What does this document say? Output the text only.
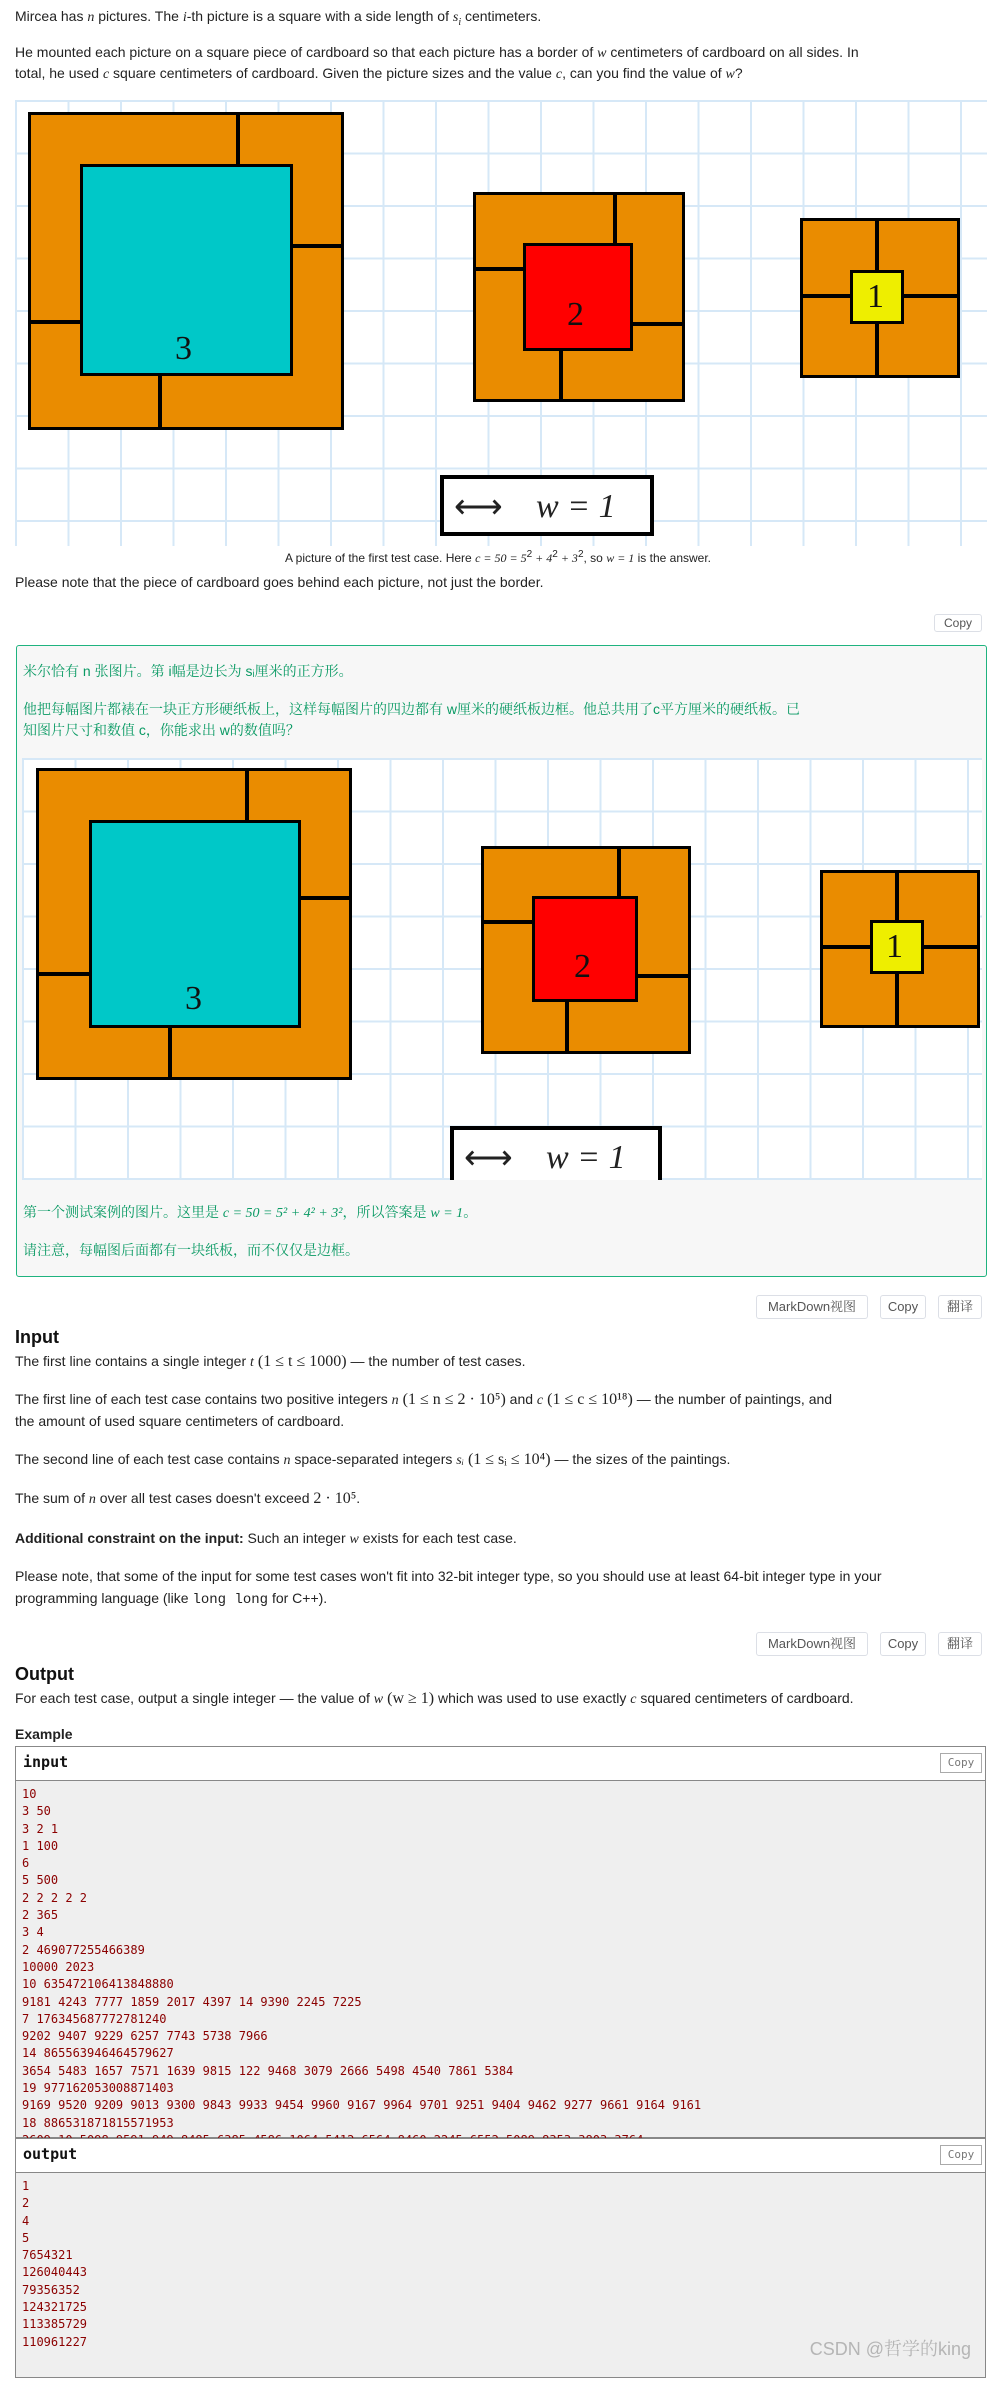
Mircea has n pictures. The i-th picture is a square with a side length of $s_i$ centimeters.
He mounted each picture on a square piece of cardboard so that each picture has a border of w centimeters of cardboard on all sides. In
total, he used c square centimeters of cardboard. Given the picture sizes and the value c, can you find the value of w?
3
2	1
⟷ w = 1
A picture of the first test case. Here $c = 50 = 5^2 + 4^2 + 3^2$, so w = 1 is the answer.
Please note that the piece of cardboard goes behind each picture, not just the border.
Copy
米尔恰有 n 张图片。第 i幅是边长为 sᵢ厘米的正方形。
他把每幅图片都裱在一块正方形硬纸板上，这样每幅图片的四边都有 w厘米的硬纸板边框。他总共用了c平方厘米的硬纸板。已
知图片尺寸和数值 c，你能求出 w的数值吗？
3
2
1
⟷ w = 1
第一个测试案例的图片。这里是 c = 50 = 5² + 4² + 3²，所以答案是 w = 1。
请注意，每幅图后面都有一块纸板，而不仅仅是边框。
MarkDown视图	Copy	翻译
Input
The first line contains a single integer t (1 ≤ t ≤ 1000) — the number of test cases.
The first line of each test case contains two positive integers n (1 ≤ n ≤ 2 · 10⁵) and c (1 ≤ c ≤ 10¹⁸) — the number of paintings, and
the amount of used square centimeters of cardboard.
The second line of each test case contains n space-separated integers sᵢ (1 ≤ sᵢ ≤ 10⁴) — the sizes of the paintings.
The sum of n over all test cases doesn't exceed 2 · 10⁵.
Additional constraint on the input: Such an integer w exists for each test case.
Please note, that some of the input for some test cases won't fit into 32-bit integer type, so you should use at least 64-bit integer type in your
programming language (like long long for C++).
MarkDown视图	Copy	翻译
Output
For each test case, output a single integer — the value of w (w ≥ 1) which was used to use exactly c squared centimeters of cardboard.
Example
input	Copy
10
3 50
3 2 1
1 100
6
5 500
2 2 2 2 2
2 365
3 4
2 469077255466389
10000 2023
10 635472106413848880
9181 4243 7777 1859 2017 4397 14 9390 2245 7225
7 176345687772781240
9202 9407 9229 6257 7743 5738 7966
14 865563946464579627
3654 5483 1657 7571 1639 9815 122 9468 3079 2666 5498 4540 7861 5384
19 977162053008871403
9169 9520 9209 9013 9300 9843 9933 9454 9960 9167 9964 9701 9251 9404 9462 9277 9661 9164 9161
18 886531871815571953
output	Copy
1
2
4
5
7654321
126040443
79356352
124321725
113385729
110961227	CSDN @哲学的king
